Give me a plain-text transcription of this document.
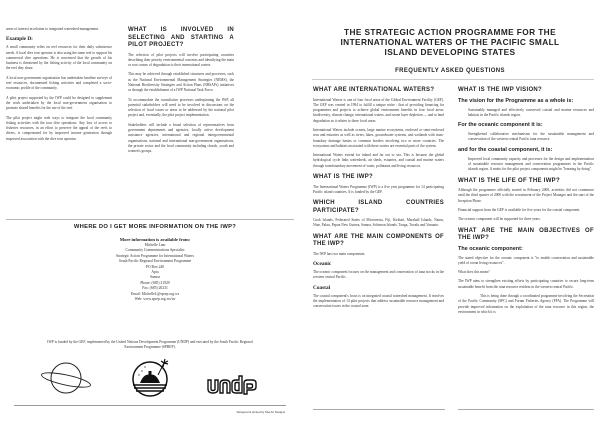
areas of interest in relation to integrated watershed management.

Example D:

A small community relies on reef resources for their daily subsistence needs. A local dive tour operator is also using the same reef to support his commercial dive operations. He is concerned that the growth of his business is threatened by the fishing activity of the local community on the reef they share.

A local non-government organisation has undertaken baseline surveys of reef resources, documented fishing activities and completed a socio-economic profile of the community.

A pilot project supported by the IWP could be designed to supplement the work undertaken by the local non-government organisation to promote shared benefits for the use of the reef.

The pilot project might seek ways to integrate the local community fishing activities with the tour dive operations. Any loss of access to fisheries resources, in an effort to preserve the appeal of the reefs to divers, is compensated for by improved income generation through improved association with the dive tour operator.

WHAT IS INVOLVED IN SELECTING AND STARTING A PILOT PROJECT?

The selection of pilot projects will involve participating countries describing their priority environmental concerns and identifying the main or root causes of degradation to their international waters.

This may be achieved through established structures and processes, such as the National Environmental Management Strategies (NEMS), the National Biodiversity Strategies and Action Plans (NBSAPs) initiatives or through the establishment of a IWP National Task Force.

To accommodate the consultative processes underpinning the IWP, all potential stakeholders will need to be involved in discussions on the selection of focal issues or areas to be addressed by the national pilot project and, eventually, the pilot project implementation.

Stakeholders will include a broad selection of representatives from government departments and agencies, locally active development assistance agencies, international and regional intergovernmental organisations, national and international non-government organisations, the private sector and the local community including church, youth and women's groups.

WHERE DO I GET MORE INFORMATION ON THE IWP?
More information is available from:
Michelle Lam
Community Communications Specialist
Strategic Action Programme for International Waters
South Pacific Regional Environment Programme
PO Box 240
Apia
Samoa
Phone: (685) 21929
Fax: (685) 20231
Email: MichelleL@sprep.org.ws
Web: www.sprep.org.ws/iw
IWP is funded by the GEF, implemented by the United Nations Development Programme (UNDP) and executed by the South Pacific Regional Environment Programme (SPREP).
Designed & printed by Sha Art Designs
THE STRATEGIC ACTION PROGRAMME FOR THE INTERNATIONAL WATERS OF THE PACIFIC SMALL ISLAND DEVELOPING STATES
FREQUENTLY ASKED QUESTIONS
WHAT ARE INTERNATIONAL WATERS?

International Waters is one of four focal areas of the Global Environment Facility (GEF). The GEF was created in 1994 to fulfill a unique niche : that of providing financing for programmes and projects to achieve global environment benefits in four focal areas: biodiversity, climate change, international waters, and ozone layer depletion — and to land degradation as it relates to these focal areas.

International Waters include oceans, large marine ecosystems, enclosed or semi-enclosed seas and estuaries as well as rivers, lakes, groundwater systems, and wetlands with trans-boundary drainage basins or common borders involving two or more countries. The ecosystems and habitats associated with these waters are essential parts of the system.

International Waters extend far inland and far out to sea. This is because the global hydrological cycle links watersheds, air sheds, estuaries, and coastal and marine waters through transboundary movement of water, pollutants and living resources.

WHAT IS THE IWP?

The International Waters Programme (IWP) is a five year programme for 14 participating Pacific island countries. It is funded by the GEF.

WHICH ISLAND COUNTRIES PARTICIPATE?

Cook Islands, Federated States of Micronesia, Fiji, Kiribati, Marshall Islands, Nauru, Niue, Palau, Papua New Guinea, Samoa, Solomon Islands, Tonga, Tuvalu and Vanuatu.

WHAT ARE THE MAIN COMPONENTS OF THE IWP?

The IWP has two main components.

Oceanic

The oceanic component focuses on the management and conservation of tuna stocks in the western central Pacific.

Coastal

The coastal component's focus is on integrated coastal watershed management. It involves the implementation of 14 pilot projects that address sustainable resource management and conservation issues in the coastal zone.

WHAT IS THE IWP VISION?
The vision for the Programme as a whole is:

Sustainably managed and effectively conserved coastal and marine resources and habitats in the Pacific islands region.

For the oceanic component it is:

Strengthened collaborative mechanisms for the sustainable management and conservation of the western central Pacific tuna resource.

and for the coastal component, it is:

Improved local community capacity and processes for the design and implementation of sustainable resource management and conservation programmes in the Pacific islands region. A motto for the pilot project components might be "learning by doing".

WHAT IS THE LIFE OF THE IWP?

Although the programme officially started in February 2000, activities did not commence until the third quarter of 2000 with the recruitment of the Project Manager and the start of the Inception Phase.

Financial support from the GEF is available for five years for the coastal component.

The oceanic component will be supported for three years.

WHAT ARE THE MAIN OBJECTIVES OF THE IWP?
The oceanic component:

The stated objective for the oceanic component is "to enable conservation and sustainable yield of ocean living resources".

What does this mean?

The IWP aims to strengthen existing efforts by participating countries to secure long-term sustainable benefit from the tuna resource resident in the western central Pacific.

This is being done through a coordinated programme involving the Secretariat of the Pacific Community (SPC) and Forum Fisheries Agency (FFA). The Programme will provide improved information on the exploitation of the tuna resource in this region, the environment in which it is
